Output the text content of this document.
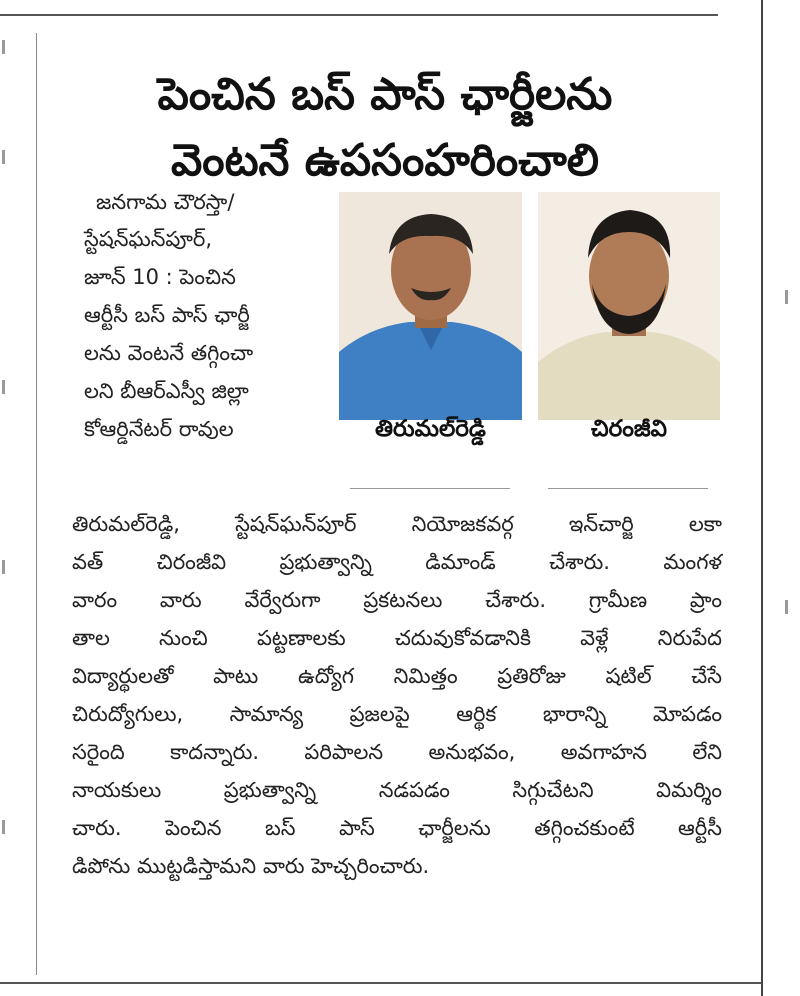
పెంచిన బస్ పాస్ ఛార్జీలను
వెంటనే ఉపసంహరించాలి
జనగామ చౌరస్తా/
స్టేషన్‌ఘన్‌పూర్,
జూన్ 10 : పెంచిన
ఆర్టీసీ బస్ పాస్ ఛార్జీ
లను వెంటనే తగ్గించా
లని బీఆర్‌ఎస్వీ జిల్లా
కోఆర్డినేటర్ రావుల	తిరుమల్‌రెడ్డి	చిరంజీవి
తిరుమల్‌రెడ్డి, స్టేషన్‌ఘన్‌పూర్ నియోజకవర్గ ఇన్‌చార్జి లకా
వత్ చిరంజీవి ప్రభుత్వాన్ని డిమాండ్ చేశారు. మంగళ
వారం వారు వేర్వేరుగా ప్రకటనలు చేశారు. గ్రామీణ ప్రాం
తాల నుంచి పట్టణాలకు చదువుకోవడానికి వెళ్లే నిరుపేద
విద్యార్థులతో పాటు ఉద్యోగ నిమిత్తం ప్రతిరోజు షటిల్ చేసే
చిరుద్యోగులు, సామాన్య ప్రజలపై ఆర్థిక భారాన్ని మోపడం
సరైంది కాదన్నారు. పరిపాలన అనుభవం, అవగాహన లేని
నాయకులు ప్రభుత్వాన్ని నడపడం సిగ్గుచేటని విమర్శిం
చారు. పెంచిన బస్ పాస్ ఛార్జీలను తగ్గించకుంటే ఆర్టీసీ
డిపోను ముట్టడిస్తామని వారు హెచ్చరించారు.
